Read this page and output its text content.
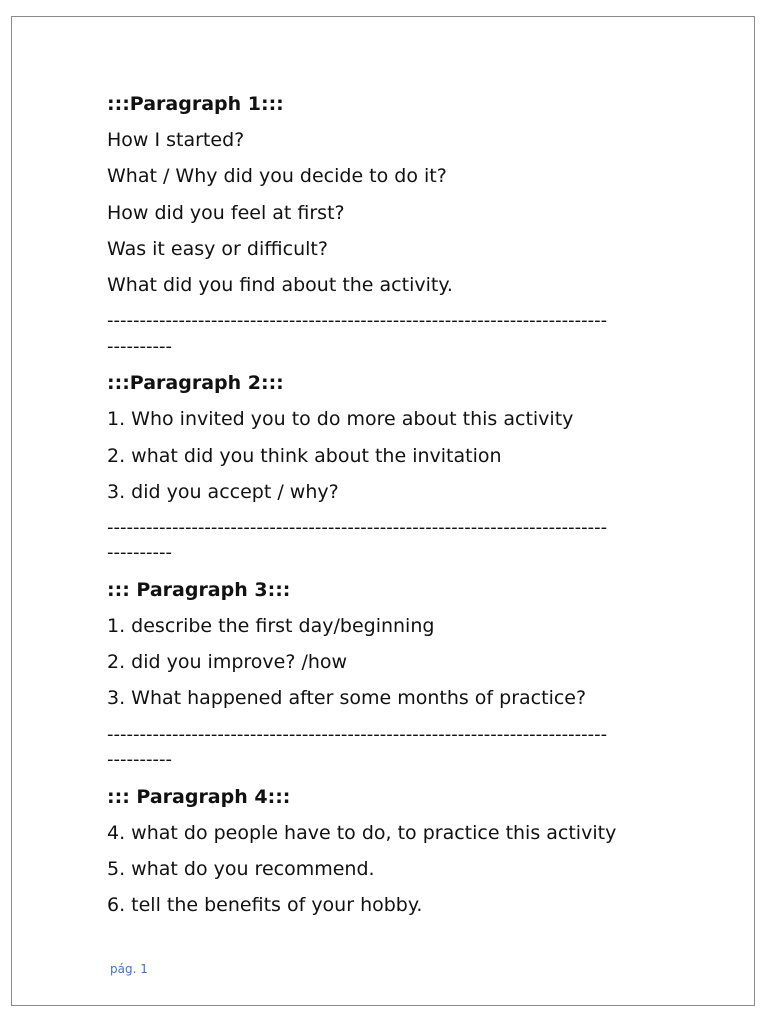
:::Paragraph 1:::
How I started?
What / Why did you decide to do it?
How did you feel at first?
Was it easy or difficult?
What did you find about the activity.
-----------------------------------------------------------------------------
----------
:::Paragraph 2:::
1. Who invited you to do more about this activity
2. what did you think about the invitation
3. did you accept / why?
-----------------------------------------------------------------------------
----------
::: Paragraph 3:::
1. describe the first day/beginning
2. did you improve? /how
3. What happened after some months of practice?
-----------------------------------------------------------------------------
----------
::: Paragraph 4:::
4. what do people have to do, to practice this activity
5. what do you recommend.
6. tell the benefits of your hobby.
pág. 1
